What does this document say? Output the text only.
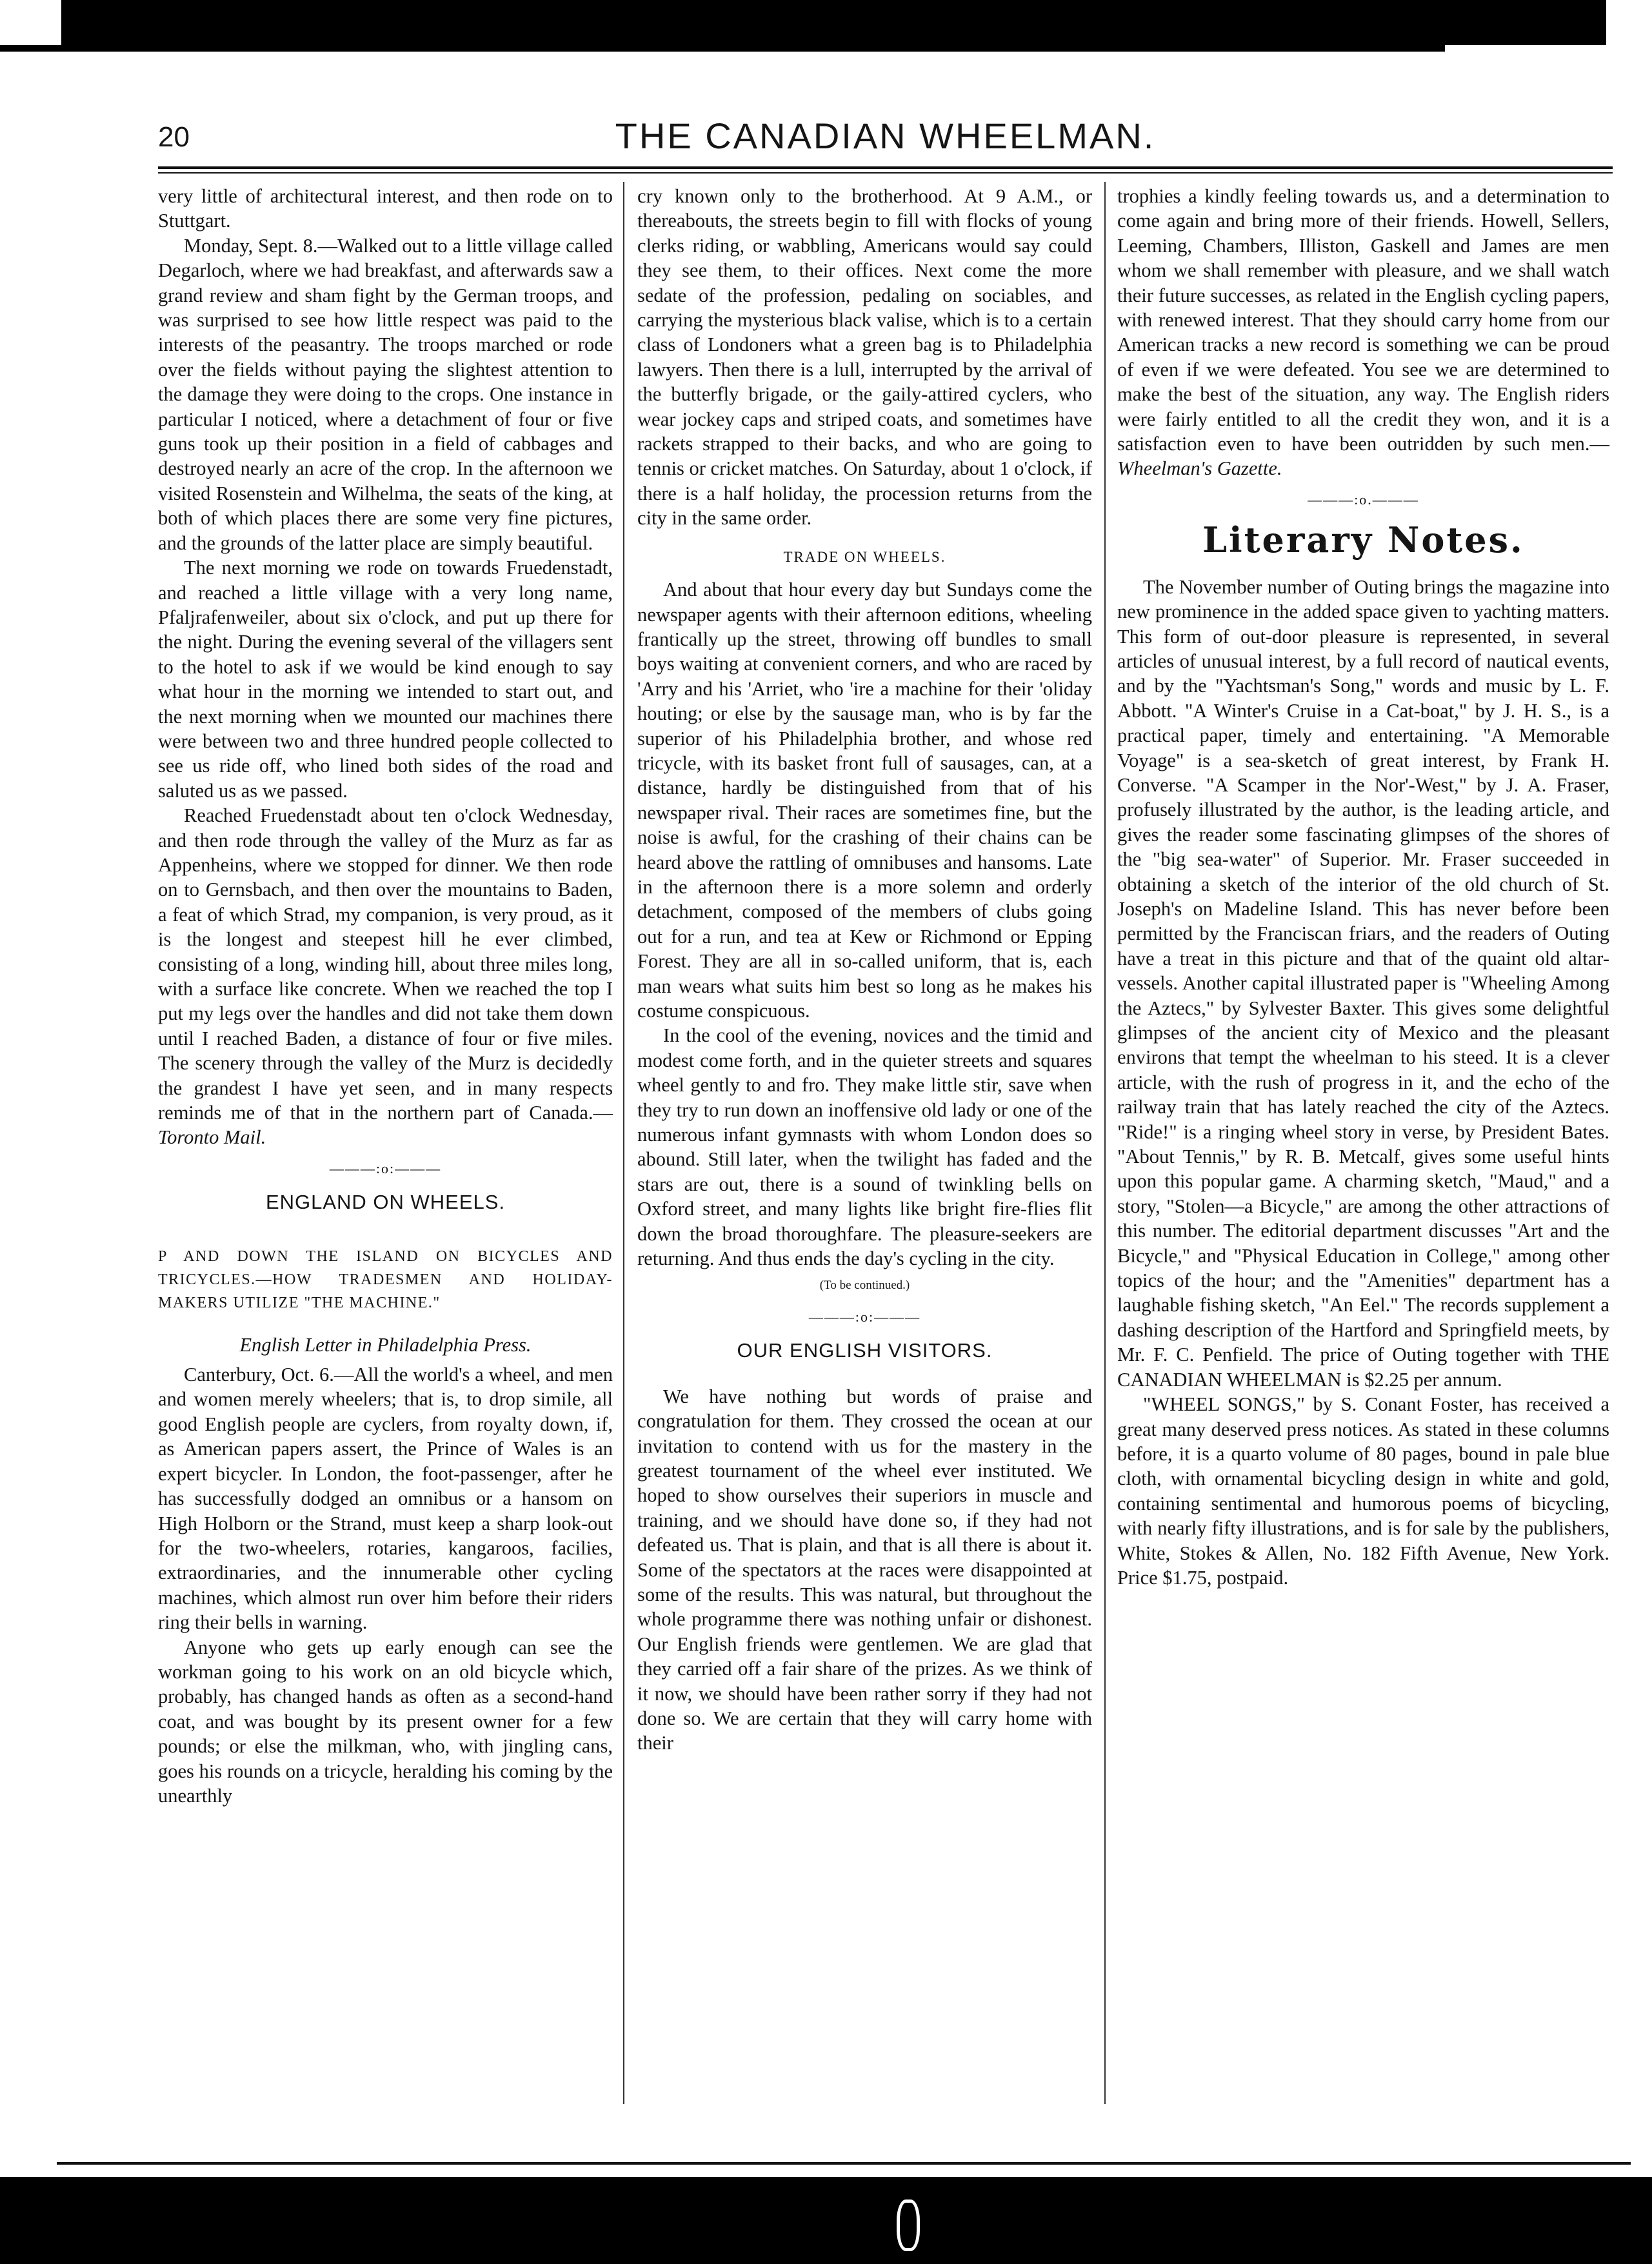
20	THE CANADIAN WHEELMAN.

very little of architectural interest, and then rode on to Stuttgart.

Monday, Sept. 8.—Walked out to a little village called Degarloch, where we had breakfast, and afterwards saw a grand review and sham fight by the German troops, and was surprised to see how little respect was paid to the interests of the peasantry. The troops marched or rode over the fields without paying the slightest attention to the damage they were doing to the crops. One instance in particular I noticed, where a detachment of four or five guns took up their position in a field of cabbages and destroyed nearly an acre of the crop. In the afternoon we visited Rosenstein and Wilhelma, the seats of the king, at both of which places there are some very fine pictures, and the grounds of the latter place are simply beautiful.

The next morning we rode on towards Fruedenstadt, and reached a little village with a very long name, Pfaljrafenweiler, about six o'clock, and put up there for the night. During the evening several of the villagers sent to the hotel to ask if we would be kind enough to say what hour in the morning we intended to start out, and the next morning when we mounted our machines there were between two and three hundred people collected to see us ride off, who lined both sides of the road and saluted us as we passed.

Reached Fruedenstadt about ten o'clock Wednesday, and then rode through the valley of the Murz as far as Appenheins, where we stopped for dinner. We then rode on to Gernsbach, and then over the mountains to Baden, a feat of which Strad, my companion, is very proud, as it is the longest and steepest hill he ever climbed, consisting of a long, winding hill, about three miles long, with a surface like concrete. When we reached the top I put my legs over the handles and did not take them down until I reached Baden, a distance of four or five miles. The scenery through the valley of the Murz is decidedly the grandest I have yet seen, and in many respects reminds me of that in the northern part of Canada.—Toronto Mail.

———:o:———
ENGLAND ON WHEELS.

P AND DOWN THE ISLAND ON BICYCLES AND TRICYCLES.—HOW TRADESMEN AND HOLIDAY-MAKERS UTILIZE "THE MACHINE."

English Letter in Philadelphia Press.

Canterbury, Oct. 6.—All the world's a wheel, and men and women merely wheelers; that is, to drop simile, all good English people are cyclers, from royalty down, if, as American papers assert, the Prince of Wales is an expert bicycler. In London, the foot-passenger, after he has successfully dodged an omnibus or a hansom on High Holborn or the Strand, must keep a sharp look-out for the two-wheelers, rotaries, kangaroos, facilies, extraordinaries, and the innumerable other cycling machines, which almost run over him before their riders ring their bells in warning.

Anyone who gets up early enough can see the workman going to his work on an old bicycle which, probably, has changed hands as often as a second-hand coat, and was bought by its present owner for a few pounds; or else the milkman, who, with jingling cans, goes his rounds on a tricycle, heralding his coming by the unearthly

cry known only to the brotherhood. At 9 A.M., or thereabouts, the streets begin to fill with flocks of young clerks riding, or wabbling, Americans would say could they see them, to their offices. Next come the more sedate of the profession, pedaling on sociables, and carrying the mysterious black valise, which is to a certain class of Londoners what a green bag is to Philadelphia lawyers. Then there is a lull, interrupted by the arrival of the butterfly brigade, or the gaily-attired cyclers, who wear jockey caps and striped coats, and sometimes have rackets strapped to their backs, and who are going to tennis or cricket matches. On Saturday, about 1 o'clock, if there is a half holiday, the procession returns from the city in the same order.

TRADE ON WHEELS.

And about that hour every day but Sundays come the newspaper agents with their afternoon editions, wheeling frantically up the street, throwing off bundles to small boys waiting at convenient corners, and who are raced by 'Arry and his 'Arriet, who 'ire a machine for their 'oliday houting; or else by the sausage man, who is by far the superior of his Philadelphia brother, and whose red tricycle, with its basket front full of sausages, can, at a distance, hardly be distinguished from that of his newspaper rival. Their races are sometimes fine, but the noise is awful, for the crashing of their chains can be heard above the rattling of omnibuses and hansoms. Late in the afternoon there is a more solemn and orderly detachment, composed of the members of clubs going out for a run, and tea at Kew or Richmond or Epping Forest. They are all in so-called uniform, that is, each man wears what suits him best so long as he makes his costume conspicuous.

In the cool of the evening, novices and the timid and modest come forth, and in the quieter streets and squares wheel gently to and fro. They make little stir, save when they try to run down an inoffensive old lady or one of the numerous infant gymnasts with whom London does so abound. Still later, when the twilight has faded and the stars are out, there is a sound of twinkling bells on Oxford street, and many lights like bright fire-flies flit down the broad thoroughfare. The pleasure-seekers are returning. And thus ends the day's cycling in the city.

(To be continued.)
———:o:———
OUR ENGLISH VISITORS.

We have nothing but words of praise and congratulation for them. They crossed the ocean at our invitation to contend with us for the mastery in the greatest tournament of the wheel ever instituted. We hoped to show ourselves their superiors in muscle and training, and we should have done so, if they had not defeated us. That is plain, and that is all there is about it. Some of the spectators at the races were disappointed at some of the results. This was natural, but throughout the whole programme there was nothing unfair or dishonest. Our English friends were gentlemen. We are glad that they carried off a fair share of the prizes. As we think of it now, we should have been rather sorry if they had not done so. We are certain that they will carry home with their

trophies a kindly feeling towards us, and a determination to come again and bring more of their friends. Howell, Sellers, Leeming, Chambers, Illiston, Gaskell and James are men whom we shall remember with pleasure, and we shall watch their future successes, as related in the English cycling papers, with renewed interest. That they should carry home from our American tracks a new record is something we can be proud of even if we were defeated. You see we are determined to make the best of the situation, any way. The English riders were fairly entitled to all the credit they won, and it is a satisfaction even to have been outridden by such men.—Wheelman's Gazette.

———:o.———
Literary Notes.

The November number of Outing brings the magazine into new prominence in the added space given to yachting matters. This form of out-door pleasure is represented, in several articles of unusual interest, by a full record of nautical events, and by the "Yachtsman's Song," words and music by L. F. Abbott. "A Winter's Cruise in a Cat-boat," by J. H. S., is a practical paper, timely and entertaining. "A Memorable Voyage" is a sea-sketch of great interest, by Frank H. Converse. "A Scamper in the Nor'-West," by J. A. Fraser, profusely illustrated by the author, is the leading article, and gives the reader some fascinating glimpses of the shores of the "big sea-water" of Superior. Mr. Fraser succeeded in obtaining a sketch of the interior of the old church of St. Joseph's on Madeline Island. This has never before been permitted by the Franciscan friars, and the readers of Outing have a treat in this picture and that of the quaint old altar-vessels. Another capital illustrated paper is "Wheeling Among the Aztecs," by Sylvester Baxter. This gives some delightful glimpses of the ancient city of Mexico and the pleasant environs that tempt the wheelman to his steed. It is a clever article, with the rush of progress in it, and the echo of the railway train that has lately reached the city of the Aztecs. "Ride!" is a ringing wheel story in verse, by President Bates. "About Tennis," by R. B. Metcalf, gives some useful hints upon this popular game. A charming sketch, "Maud," and a story, "Stolen—a Bicycle," are among the other attractions of this number. The editorial department discusses "Art and the Bicycle," and "Physical Education in College," among other topics of the hour; and the "Amenities" department has a laughable fishing sketch, "An Eel." The records supplement a dashing description of the Hartford and Springfield meets, by Mr. F. C. Penfield. The price of Outing together with THE CANADIAN WHEELMAN is $2.25 per annum.

"WHEEL SONGS," by S. Conant Foster, has received a great many deserved press notices. As stated in these columns before, it is a quarto volume of 80 pages, bound in pale blue cloth, with ornamental bicycling design in white and gold, containing sentimental and humorous poems of bicycling, with nearly fifty illustrations, and is for sale by the publishers, White, Stokes & Allen, No. 182 Fifth Avenue, New York. Price $1.75, postpaid.
